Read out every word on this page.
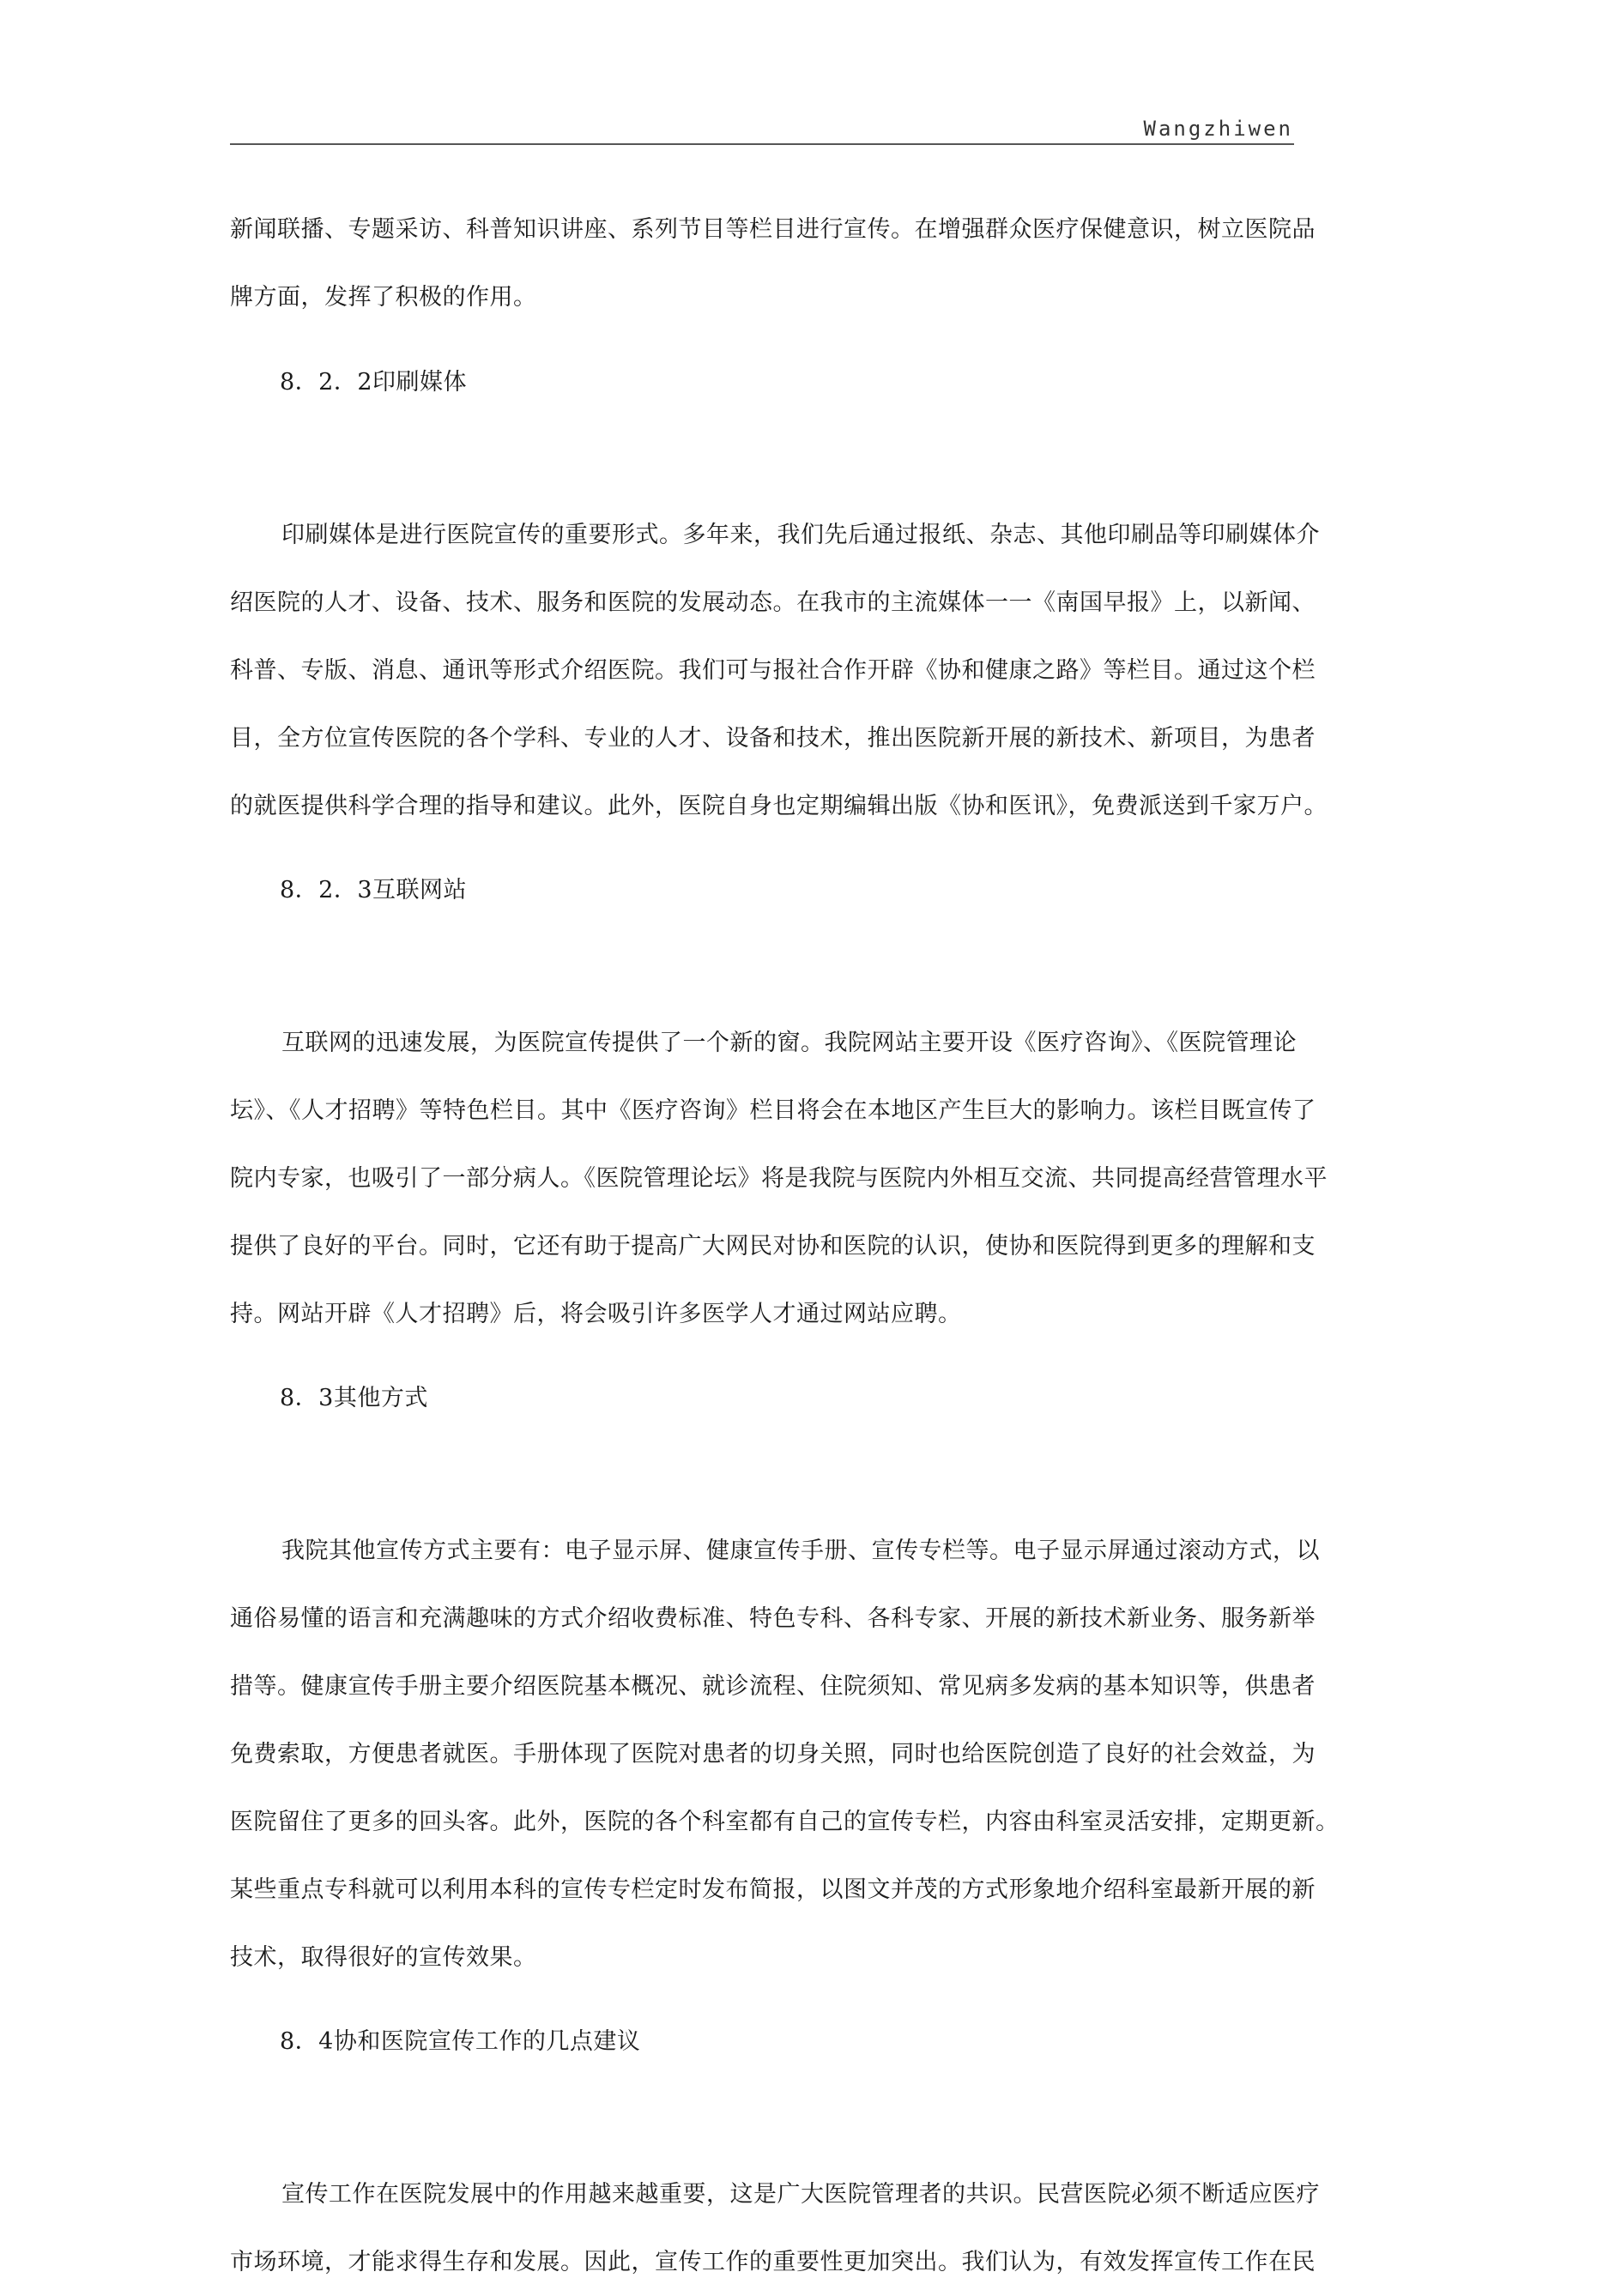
Wangzhiwen
新闻联播、专题采访、科普知识讲座、系列节目等栏目进行宣传。在增强群众医疗保健意识，树立医院品
牌方面，发挥了积极的作用。
8．2．2印刷媒体
印刷媒体是进行医院宣传的重要形式。多年来，我们先后通过报纸、杂志、其他印刷品等印刷媒体介
绍医院的人才、设备、技术、服务和医院的发展动态。在我市的主流媒体一一《南国早报》上，以新闻、
科普、专版、消息、通讯等形式介绍医院。我们可与报社合作开辟《协和健康之路》等栏目。通过这个栏
目，全方位宣传医院的各个学科、专业的人才、设备和技术，推出医院新开展的新技术、新项目，为患者
的就医提供科学合理的指导和建议。此外，医院自身也定期编辑出版《协和医讯》，免费派送到千家万户。
8．2．3互联网站
互联网的迅速发展，为医院宣传提供了一个新的窗。我院网站主要开设《医疗咨询》、《医院管理论
坛》、《人才招聘》等特色栏目。其中《医疗咨询》栏目将会在本地区产生巨大的影响力。该栏目既宣传了
院内专家，也吸引了一部分病人。《医院管理论坛》将是我院与医院内外相互交流、共同提高经营管理水平
提供了良好的平台。同时，它还有助于提高广大网民对协和医院的认识，使协和医院得到更多的理解和支
持。网站开辟《人才招聘》后，将会吸引许多医学人才通过网站应聘。
8．3其他方式
我院其他宣传方式主要有：电子显示屏、健康宣传手册、宣传专栏等。电子显示屏通过滚动方式，以
通俗易懂的语言和充满趣味的方式介绍收费标准、特色专科、各科专家、开展的新技术新业务、服务新举
措等。健康宣传手册主要介绍医院基本概况、就诊流程、住院须知、常见病多发病的基本知识等，供患者
免费索取，方便患者就医。手册体现了医院对患者的切身关照，同时也给医院创造了良好的社会效益，为
医院留住了更多的回头客。此外，医院的各个科室都有自己的宣传专栏，内容由科室灵活安排，定期更新。
某些重点专科就可以利用本科的宣传专栏定时发布简报，以图文并茂的方式形象地介绍科室最新开展的新
技术，取得很好的宣传效果。
8．4协和医院宣传工作的几点建议
宣传工作在医院发展中的作用越来越重要，这是广大医院管理者的共识。民营医院必须不断适应医疗
市场环境，才能求得生存和发展。因此，宣传工作的重要性更加突出。我们认为，有效发挥宣传工作在民
